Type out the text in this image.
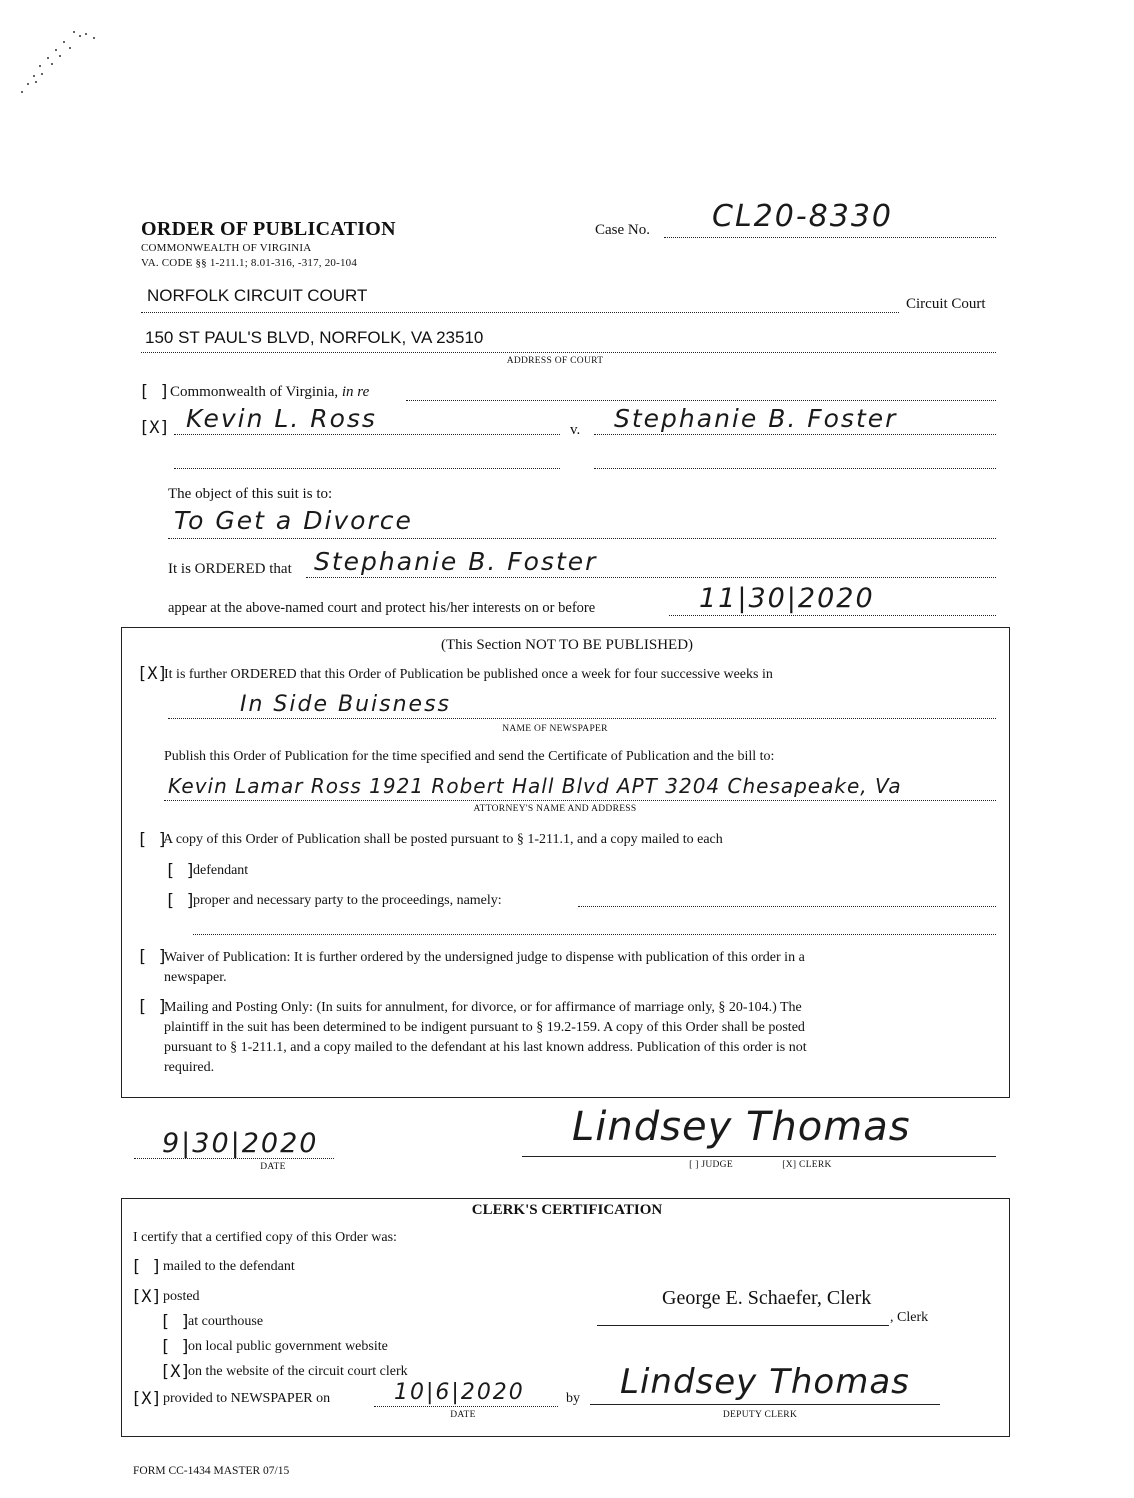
ORDER OF PUBLICATION
COMMONWEALTH OF VIRGINIA
VA. CODE §§ 1-211.1; 8.01-316, -317, 20-104
Case No. CL20-8330
NORFOLK CIRCUIT COURT	Circuit Court
150 ST PAUL'S BLVD, NORFOLK, VA 23510
ADDRESS OF COURT
[ ] Commonwealth of Virginia, in re
[X] Kevin L. Ross	v. Stephanie B. Foster
The object of this suit is to:
To Get a Divorce
It is ORDERED that Stephanie B. Foster
appear at the above-named court and protect his/her interests on or before	11|30|2020
(This Section NOT TO BE PUBLISHED)
[X]
It is further ORDERED that this Order of Publication be published once a week for four successive weeks in
In Side Buisness
NAME OF NEWSPAPER
Publish this Order of Publication for the time specified and send the Certificate of Publication and the bill to:
Kevin Lamar Ross 1921 Robert Hall Blvd APT 3204 Chesapeake, Va
ATTORNEY'S NAME AND ADDRESS
[ ]
A copy of this Order of Publication shall be posted pursuant to § 1-211.1, and a copy mailed to each
[ ]
defendant
[ ]
proper and necessary party to the proceedings, namely:
[ ]
Waiver of Publication: It is further ordered by the undersigned judge to dispense with publication of this order in a
newspaper.
[ ]
Mailing and Posting Only: (In suits for annulment, for divorce, or for affirmance of marriage only, § 20-104.) The
plaintiff in the suit has been determined to be indigent pursuant to § 19.2-159. A copy of this Order shall be posted
pursuant to § 1-211.1, and a copy mailed to the defendant at his last known address. Publication of this order is not
required.
9|30|2020
DATE
Lindsey Thomas
[ ] JUDGE	[X] CLERK
CLERK'S CERTIFICATION
I certify that a certified copy of this Order was:
[ ] mailed to the defendant
[X] posted
[ ]
at courthouse
[ ]
on local public government website
[X]
on the website of the circuit court clerk
[X] provided to NEWSPAPER on	10|6|2020
DATE
by
George E. Schaefer, Clerk
, Clerk
Lindsey Thomas
DEPUTY CLERK
FORM CC-1434 MASTER 07/15
